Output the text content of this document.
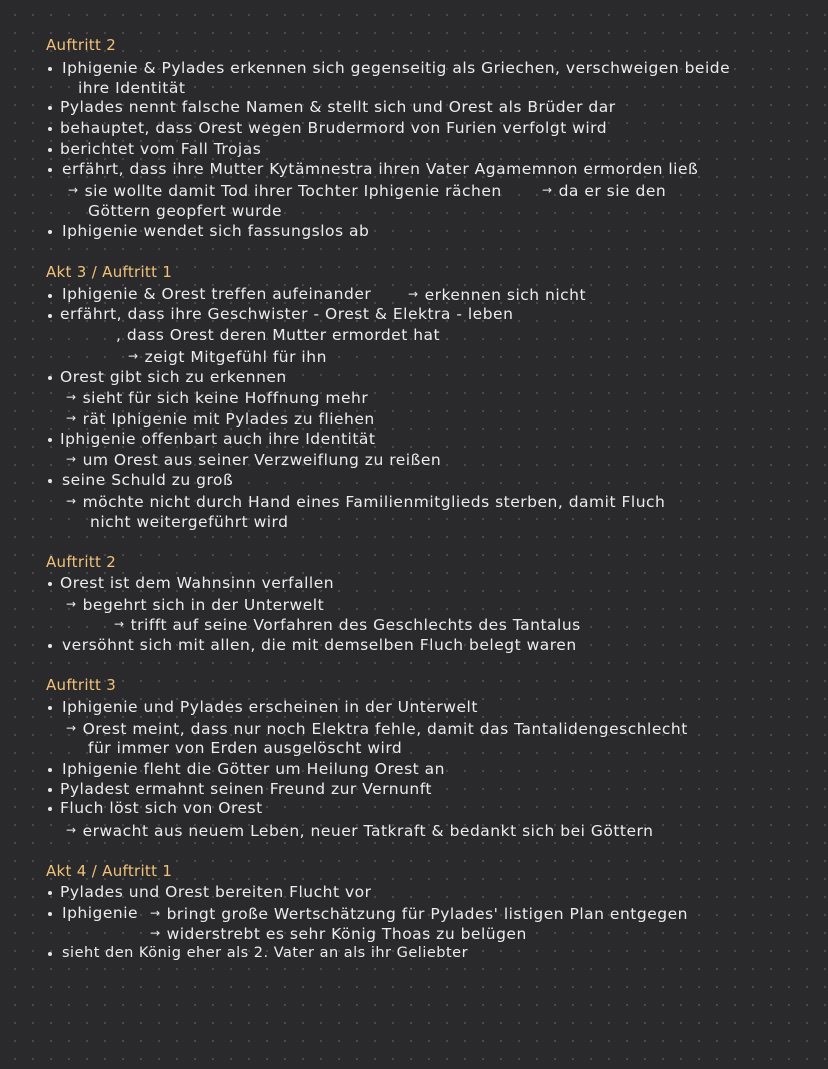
Auftritt 2
Iphigenie & Pylades erkennen sich gegenseitig als Griechen, verschweigen beide
ihre Identität
Pylades nennt falsche Namen & stellt sich und Orest als Brüder dar
behauptet, dass Orest wegen Brudermord von Furien verfolgt wird
berichtet vom Fall Trojas
erfährt, dass ihre Mutter Kytämnestra ihren Vater Agamemnon ermorden ließ
→ sie wollte damit Tod ihrer Tochter Iphigenie rächen	→ da er sie den
Göttern geopfert wurde
Iphigenie wendet sich fassungslos ab
Akt 3 / Auftritt 1
Iphigenie & Orest treffen aufeinander	→ erkennen sich nicht
erfährt, dass ihre Geschwister - Orest & Elektra - leben
, dass Orest deren Mutter ermordet hat
→ zeigt Mitgefühl für ihn
Orest gibt sich zu erkennen
→ sieht für sich keine Hoffnung mehr
→ rät Iphigenie mit Pylades zu fliehen
Iphigenie offenbart auch ihre Identität
→ um Orest aus seiner Verzweiflung zu reißen
seine Schuld zu groß
→ möchte nicht durch Hand eines Familienmitglieds sterben, damit Fluch
nicht weitergeführt wird
Auftritt 2
Orest ist dem Wahnsinn verfallen
→ begehrt sich in der Unterwelt
→ trifft auf seine Vorfahren des Geschlechts des Tantalus
versöhnt sich mit allen, die mit demselben Fluch belegt waren
Auftritt 3
Iphigenie und Pylades erscheinen in der Unterwelt
→ Orest meint, dass nur noch Elektra fehle, damit das Tantalidengeschlecht
für immer von Erden ausgelöscht wird
Iphigenie fleht die Götter um Heilung Orest an
Pyladest ermahnt seinen Freund zur Vernunft
Fluch löst sich von Orest
→ erwacht aus neuem Leben, neuer Tatkraft & bedankt sich bei Göttern
Akt 4 / Auftritt 1
Pylades und Orest bereiten Flucht vor
Iphigenie → bringt große Wertschätzung für Pylades' listigen Plan entgegen
→ widerstrebt es sehr König Thoas zu belügen
sieht den König eher als 2. Vater an als ihr Geliebter
